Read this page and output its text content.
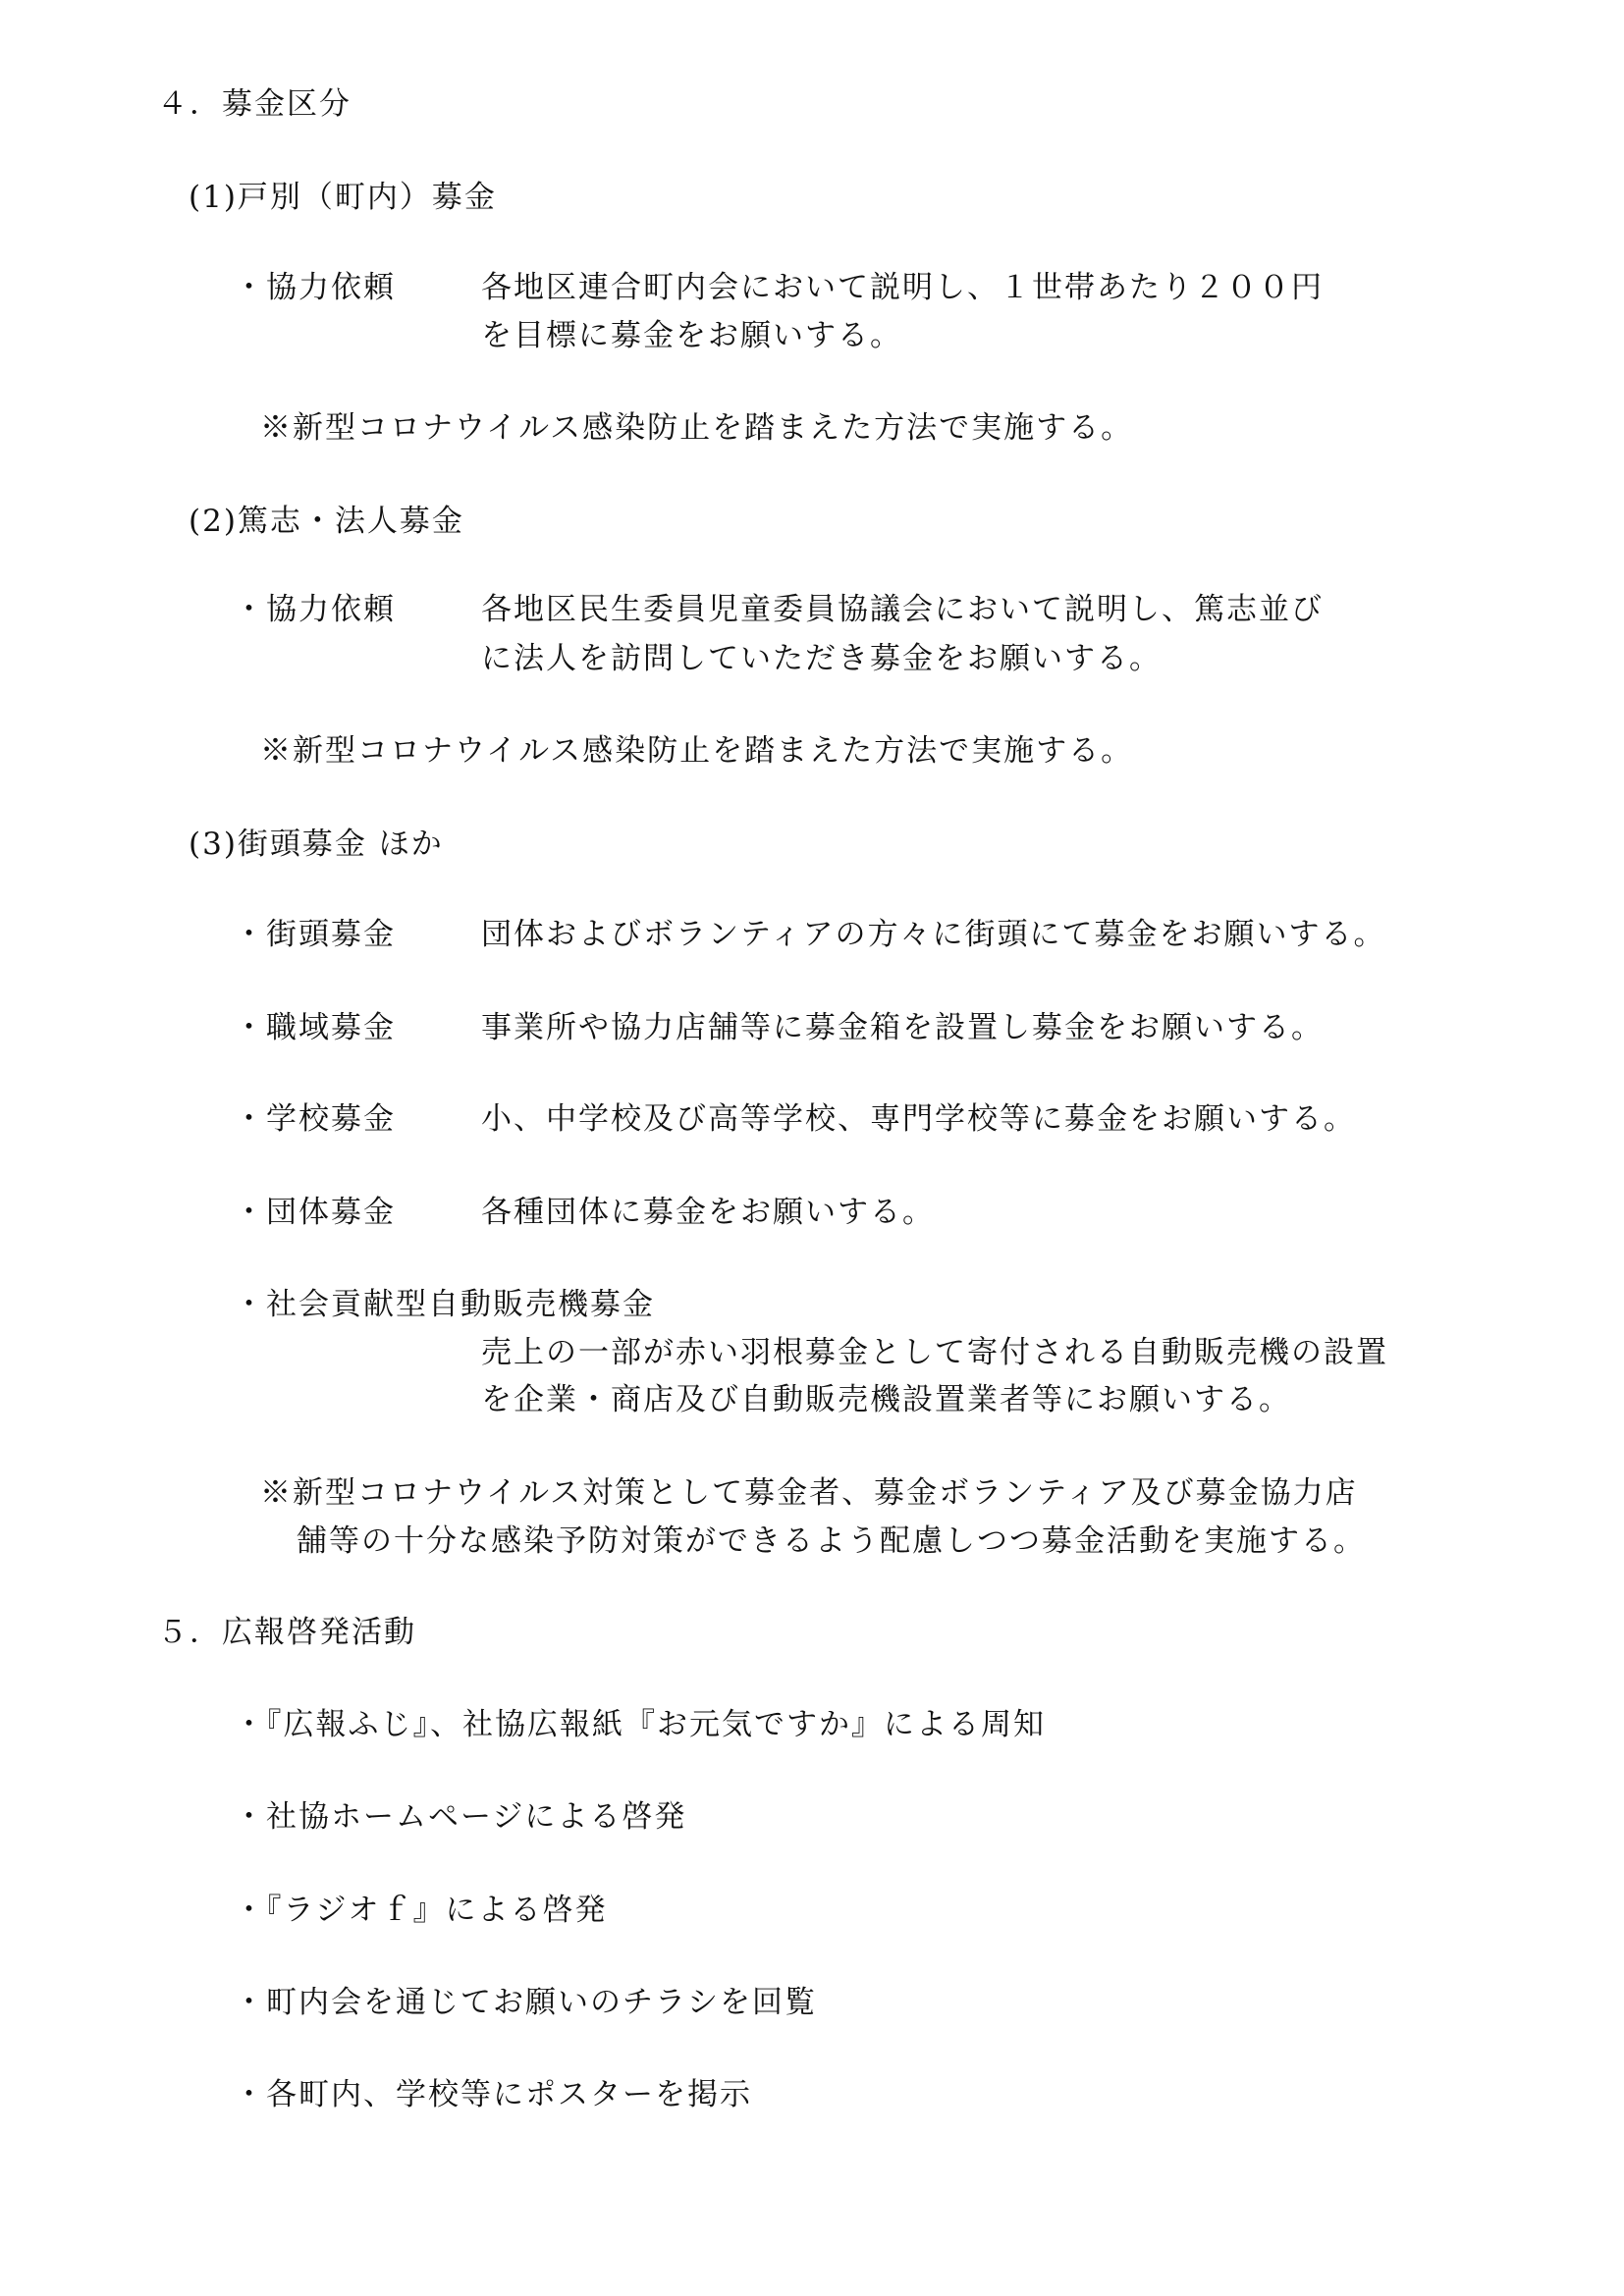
４．募金区分
(1)戸別（町内）募金
・協力依頼	各地区連合町内会において説明し、１世帯あたり２００円
を目標に募金をお願いする。
※新型コロナウイルス感染防止を踏まえた方法で実施する。
(2)篤志・法人募金
・協力依頼	各地区民生委員児童委員協議会において説明し、篤志並び
に法人を訪問していただき募金をお願いする。
※新型コロナウイルス感染防止を踏まえた方法で実施する。
(3)街頭募金 ほか
・街頭募金	団体およびボランティアの方々に街頭にて募金をお願いする。
・職域募金	事業所や協力店舗等に募金箱を設置し募金をお願いする。
・学校募金	小、中学校及び高等学校、専門学校等に募金をお願いする。
・団体募金	各種団体に募金をお願いする。
・社会貢献型自動販売機募金
売上の一部が赤い羽根募金として寄付される自動販売機の設置
を企業・商店及び自動販売機設置業者等にお願いする。
※新型コロナウイルス対策として募金者、募金ボランティア及び募金協力店
舗等の十分な感染予防対策ができるよう配慮しつつ募金活動を実施する。
５．広報啓発活動
・『広報ふじ』、社協広報紙『お元気ですか』による周知
・社協ホームページによる啓発
・『ラジオｆ』による啓発
・町内会を通じてお願いのチラシを回覧
・各町内、学校等にポスターを掲示
